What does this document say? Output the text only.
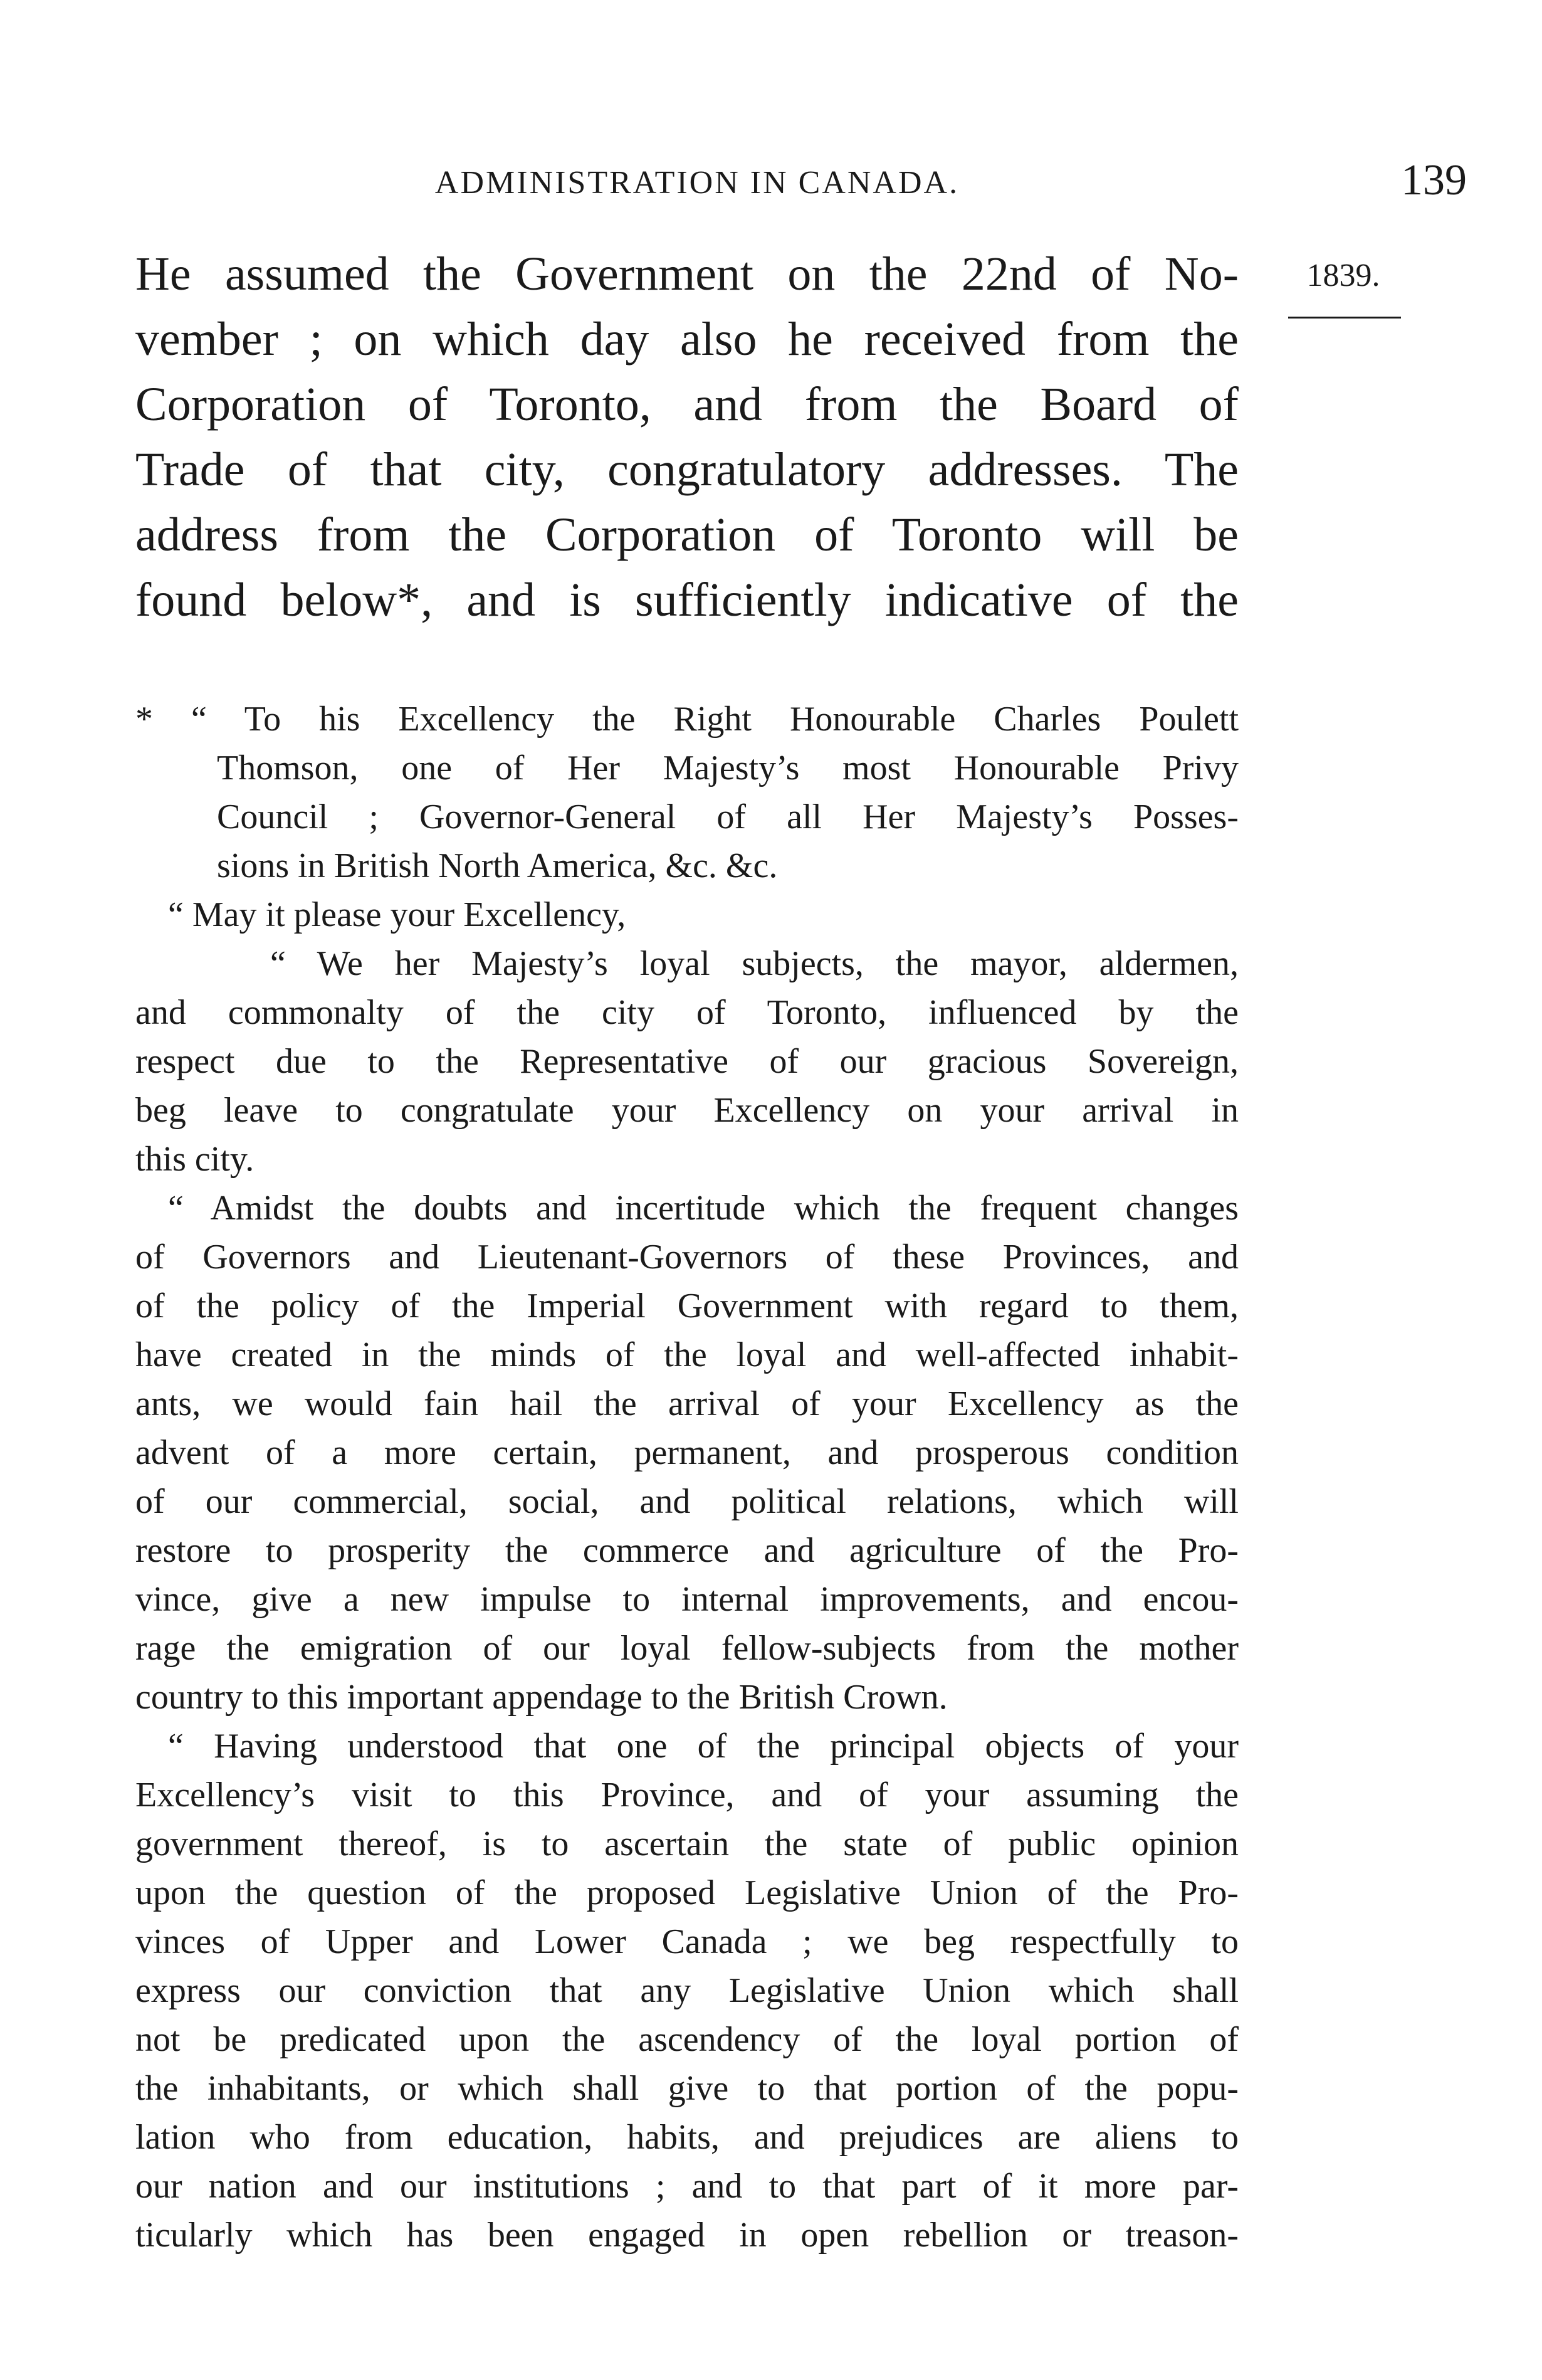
ADMINISTRATION IN CANADA.	139
1839.
He assumed the Government on the 22nd of No-
vember ; on which day also he received from the
Corporation of Toronto, and from the Board of
Trade of that city, congratulatory addresses. The
address from the Corporation of Toronto will be
found below*, and is sufficiently indicative of the
* “ To his Excellency the Right Honourable Charles Poulett
Thomson, one of Her Majesty’s most Honourable Privy
Council ; Governor-General of all Her Majesty’s Posses-
sions in British North America, &c. &c.
“ May it please your Excellency,
“ We her Majesty’s loyal subjects, the mayor, aldermen,
and commonalty of the city of Toronto, influenced by the
respect due to the Representative of our gracious Sovereign,
beg leave to congratulate your Excellency on your arrival in
this city.
“ Amidst the doubts and incertitude which the frequent changes
of Governors and Lieutenant-Governors of these Provinces, and
of the policy of the Imperial Government with regard to them,
have created in the minds of the loyal and well-affected inhabit-
ants, we would fain hail the arrival of your Excellency as the
advent of a more certain, permanent, and prosperous condition
of our commercial, social, and political relations, which will
restore to prosperity the commerce and agriculture of the Pro-
vince, give a new impulse to internal improvements, and encou-
rage the emigration of our loyal fellow-subjects from the mother
country to this important appendage to the British Crown.
“ Having understood that one of the principal objects of your
Excellency’s visit to this Province, and of your assuming the
government thereof, is to ascertain the state of public opinion
upon the question of the proposed Legislative Union of the Pro-
vinces of Upper and Lower Canada ; we beg respectfully to
express our conviction that any Legislative Union which shall
not be predicated upon the ascendency of the loyal portion of
the inhabitants, or which shall give to that portion of the popu-
lation who from education, habits, and prejudices are aliens to
our nation and our institutions ; and to that part of it more par-
ticularly which has been engaged in open rebellion or treason-
